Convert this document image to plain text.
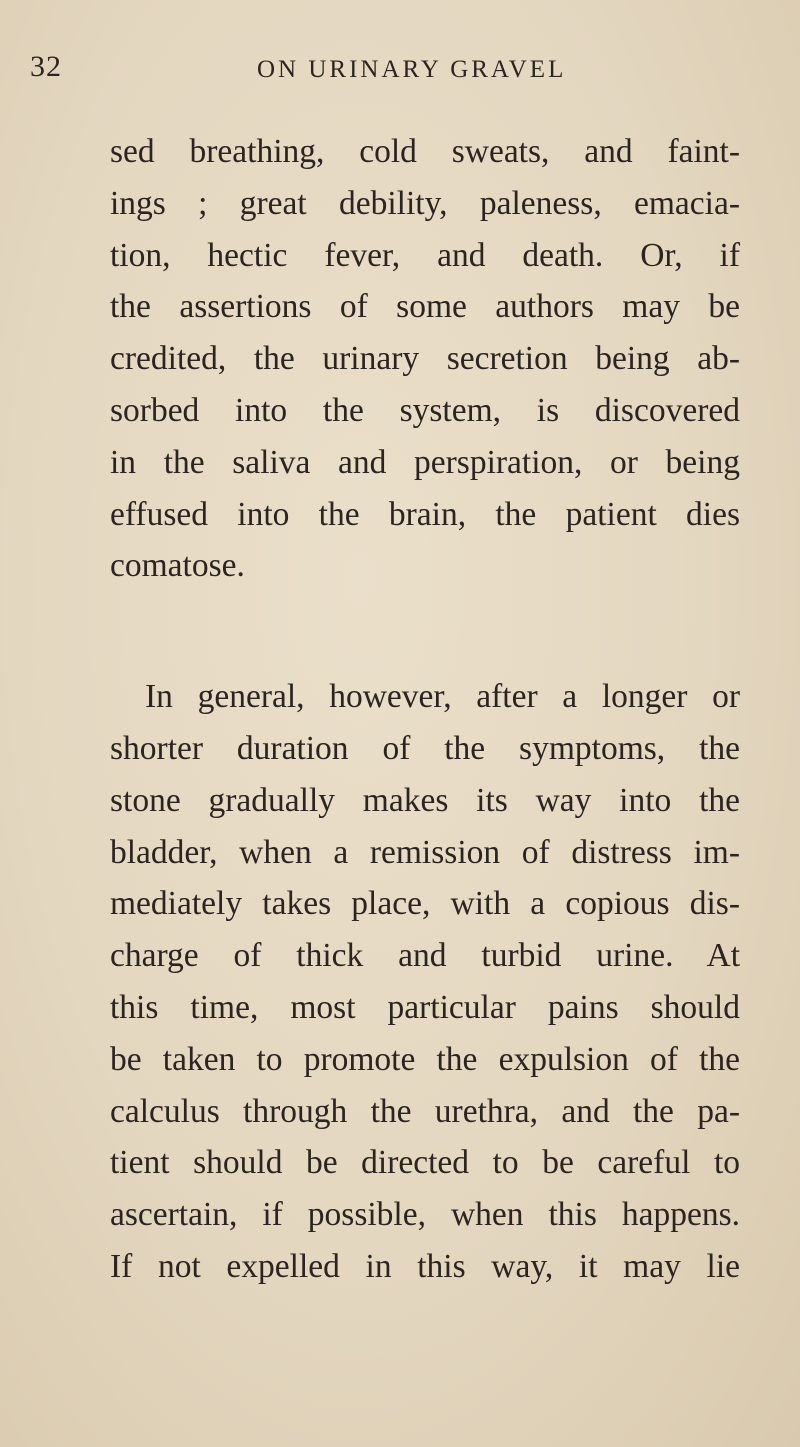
32	ON URINARY GRAVEL
sed breathing, cold sweats, and faint-
ings ; great debility, paleness, emacia-
tion, hectic fever, and death. Or, if
the assertions of some authors may be
credited, the urinary secretion being ab-
sorbed into the system, is discovered
in the saliva and perspiration, or being
effused into the brain, the patient dies
comatose.
In general, however, after a longer or
shorter duration of the symptoms, the
stone gradually makes its way into the
bladder, when a remission of distress im-
mediately takes place, with a copious dis-
charge of thick and turbid urine. At
this time, most particular pains should
be taken to promote the expulsion of the
calculus through the urethra, and the pa-
tient should be directed to be careful to
ascertain, if possible, when this happens.
If not expelled in this way, it may lie
